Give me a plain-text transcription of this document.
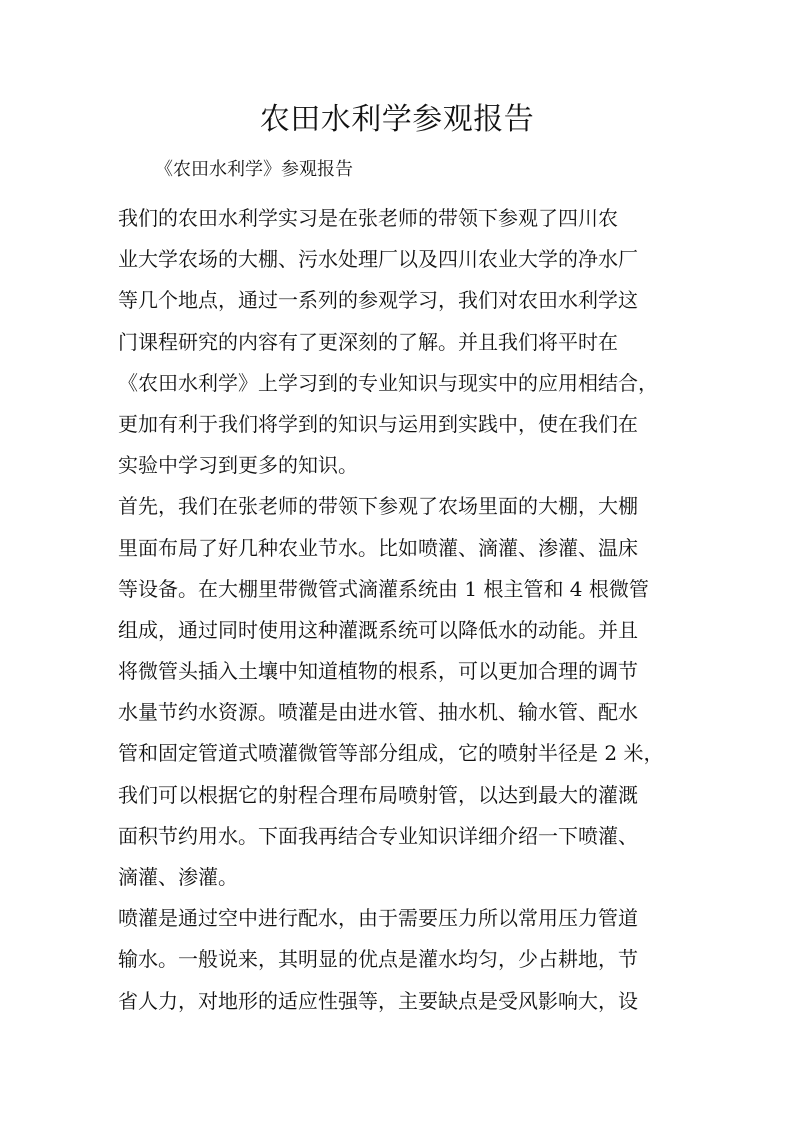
农田水利学参观报告

《农田水利学》参观报告

我们的农田水利学实习是在张老师的带领下参观了四川农
业大学农场的大棚、污水处理厂以及四川农业大学的净水厂
等几个地点，通过一系列的参观学习，我们对农田水利学这
门课程研究的内容有了更深刻的了解。并且我们将平时在
《农田水利学》上学习到的专业知识与现实中的应用相结合，
更加有利于我们将学到的知识与运用到实践中，使在我们在
实验中学习到更多的知识。
首先，我们在张老师的带领下参观了农场里面的大棚，大棚
里面布局了好几种农业节水。比如喷灌、滴灌、渗灌、温床
等设备。在大棚里带微管式滴灌系统由 1 根主管和 4 根微管
组成，通过同时使用这种灌溉系统可以降低水的动能。并且
将微管头插入土壤中知道植物的根系，可以更加合理的调节
水量节约水资源。喷灌是由进水管、抽水机、输水管、配水
管和固定管道式喷灌微管等部分组成，它的喷射半径是 2 米，
我们可以根据它的射程合理布局喷射管，以达到最大的灌溉
面积节约用水。下面我再结合专业知识详细介绍一下喷灌、
滴灌、渗灌。
喷灌是通过空中进行配水，由于需要压力所以常用压力管道
输水。一般说来，其明显的优点是灌水均匀，少占耕地，节
省人力，对地形的适应性强等，主要缺点是受风影响大，设
